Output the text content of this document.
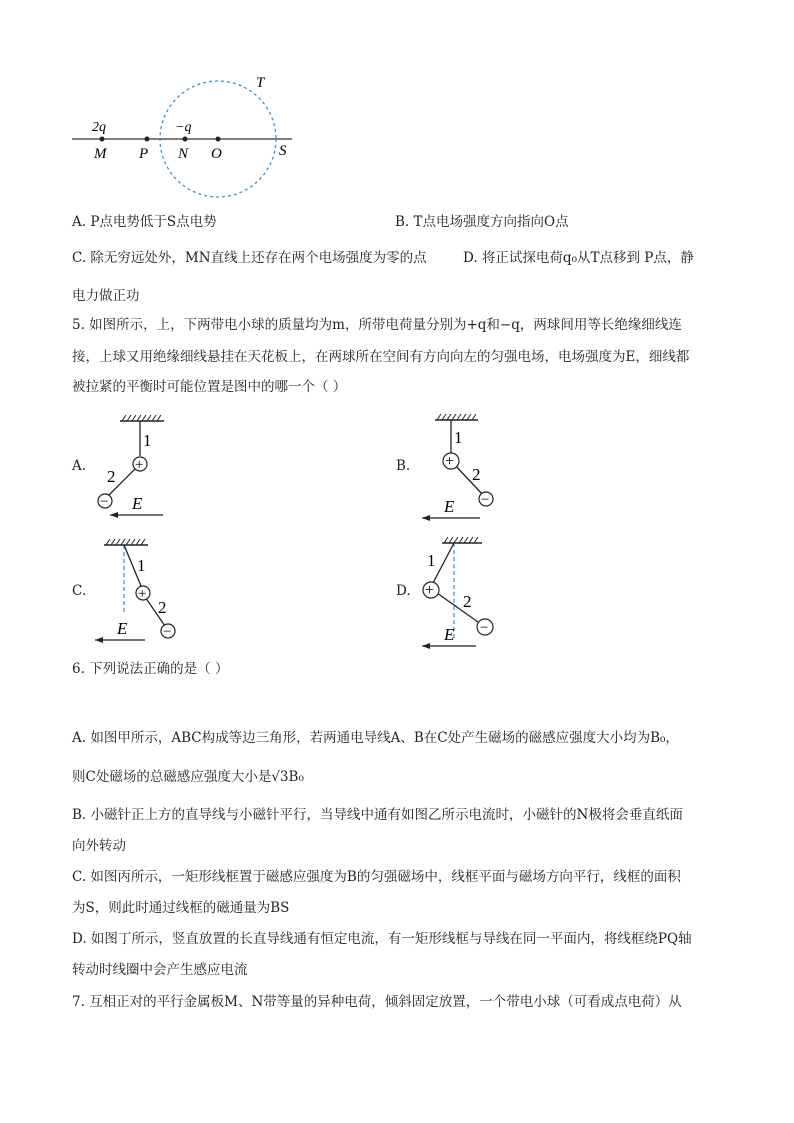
T
2q	−q
M P N O	S
A. P点电势低于S点电势	B. T点电场强度方向指向O点
C. 除无穷远处外，MN直线上还存在两个电场强度为零的点	D. 将正试探电荷q₀从T点移到 P点，静
电力做正功
5. 如图所示，上，下两带电小球的质量均为m，所带电荷量分别为+q和−q，两球间用等长绝缘细线连
接，上球又用绝缘细线悬挂在天花板上，在两球所在空间有方向向左的匀强电场，电场强度为E，细线都
被拉紧的平衡时可能位置是图中的哪一个（ ）
A.	B.
C.	D.
+
−
1
2
E
+
−
1
2
E
+
−
1
2
E
+
−
1
2
E
6. 下列说法正确的是（ ）
A. 如图甲所示，ABC构成等边三角形，若两通电导线A、B在C处产生磁场的磁感应强度大小均为B₀，
则C处磁场的总磁感应强度大小是√3B₀
B. 小磁针正上方的直导线与小磁针平行，当导线中通有如图乙所示电流时，小磁针的N极将会垂直纸面
向外转动
C. 如图丙所示，一矩形线框置于磁感应强度为B的匀强磁场中，线框平面与磁场方向平行，线框的面积
为S，则此时通过线框的磁通量为BS
D. 如图丁所示，竖直放置的长直导线通有恒定电流，有一矩形线框与导线在同一平面内，将线框绕PQ轴
转动时线圈中会产生感应电流
7. 互相正对的平行金属板M、N带等量的异种电荷，倾斜固定放置，一个带电小球（可看成点电荷）从
